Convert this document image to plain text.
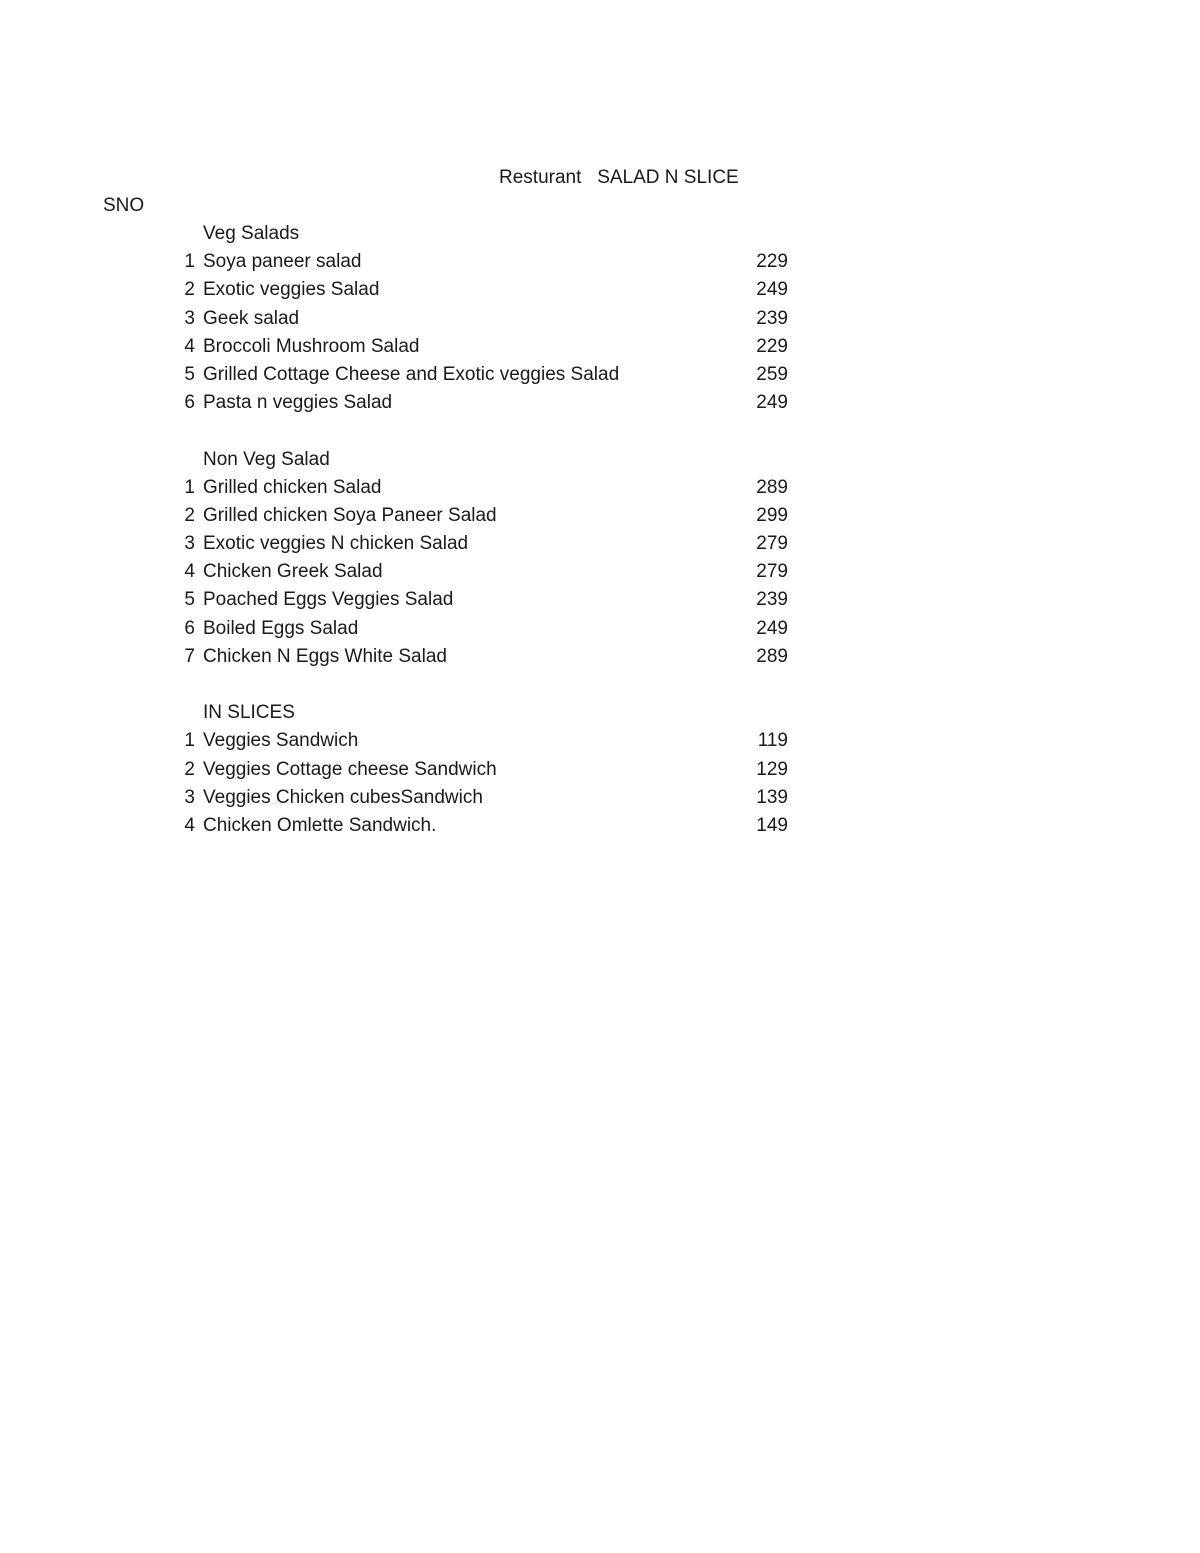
Resturant   SALAD N SLICE
SNO
Veg Salads
1 Soya paneer salad	229
2 Exotic veggies Salad	249
3 Geek salad	239
4 Broccoli Mushroom Salad	229
5 Grilled Cottage Cheese and Exotic veggies Salad	259
6 Pasta n veggies Salad	249
Non Veg Salad
1 Grilled chicken Salad	289
2 Grilled chicken Soya Paneer Salad	299
3 Exotic veggies N chicken Salad	279
4 Chicken Greek Salad	279
5 Poached Eggs Veggies Salad	239
6 Boiled Eggs Salad	249
7 Chicken N Eggs White Salad	289
IN SLICES
1 Veggies Sandwich	119
2 Veggies Cottage cheese Sandwich	129
3 Veggies Chicken cubesSandwich	139
4 Chicken Omlette Sandwich.	149
